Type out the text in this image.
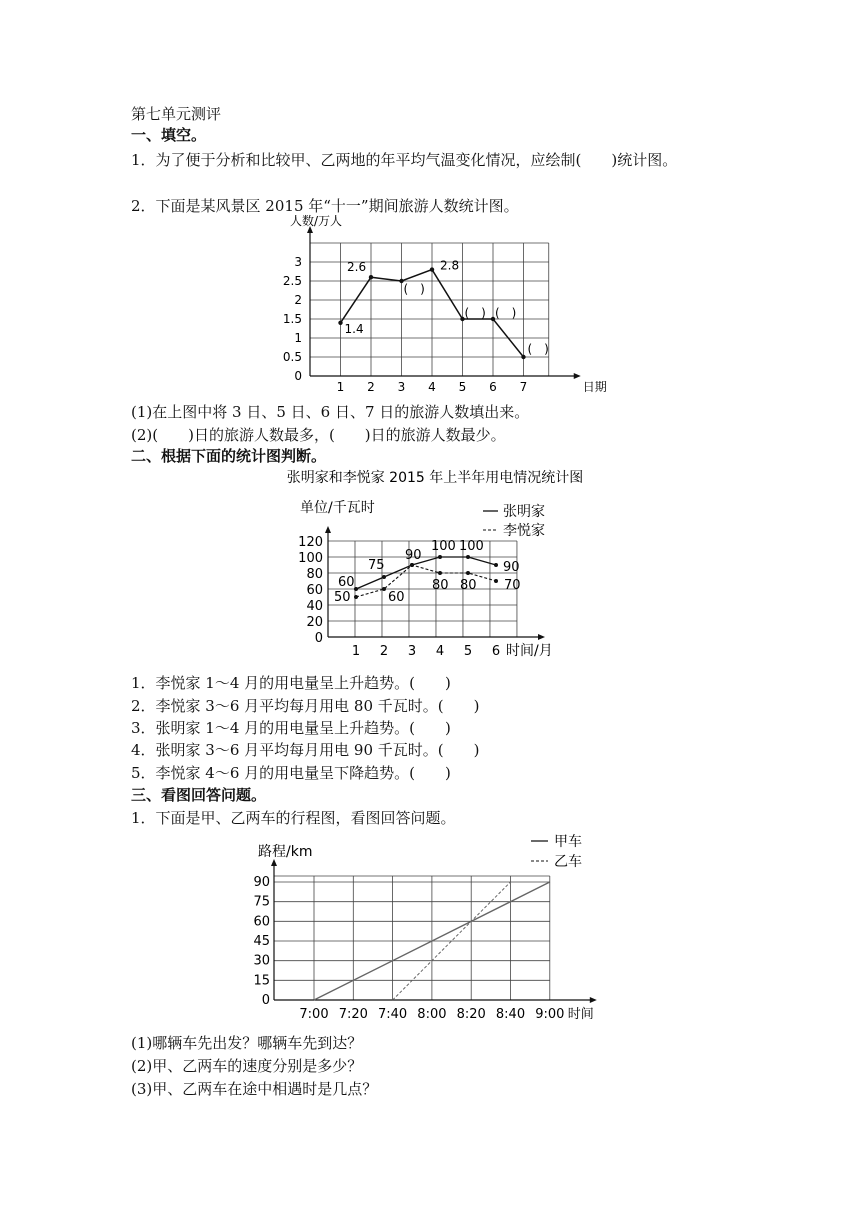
第七单元测评
一、填空。
1．为了便于分析和比较甲、乙两地的年平均气温变化情况，应绘制(　　)统计图。
2．下面是某风景区 2015 年“十一”期间旅游人数统计图。
0
0.5
1
1.5
2
2.5
3
1 2 3 4 5 6 7
人数/万人
日期
1.4
2.6
(　)
2.8
(　) (　)
(　)
(1)在上图中将 3 日、5 日、6 日、7 日的旅游人数填出来。
(2)(　　)日的旅游人数最多，(　　)日的旅游人数最少。
二、根据下面的统计图判断。
单位/千瓦时
张明家和李悦家 2015 年上半年用电情况统计图
张明家
李悦家
0
20
40
60
80
100
120
1 2 3 4 5 6 时间/月
60
75
90
100 100
90
50	60
80 80 70
1．李悦家 1～4 月的用电量呈上升趋势。(　　)
2．李悦家 3～6 月平均每月用电 80 千瓦时。(　　)
3．张明家 1～4 月的用电量呈上升趋势。(　　)
4．张明家 3～6 月平均每月用电 90 千瓦时。(　　)
5．李悦家 4～6 月的用电量呈下降趋势。(　　)
三、看图回答问题。
1．下面是甲、乙两车的行程图，看图回答问题。
0
15
30
45
60
75
90
7:00 7:20 7:40 8:00 8:20 8:40 9:00 时间
路程/km
甲车
乙车
(1)哪辆车先出发？哪辆车先到达？
(2)甲、乙两车的速度分别是多少？
(3)甲、乙两车在途中相遇时是几点？
